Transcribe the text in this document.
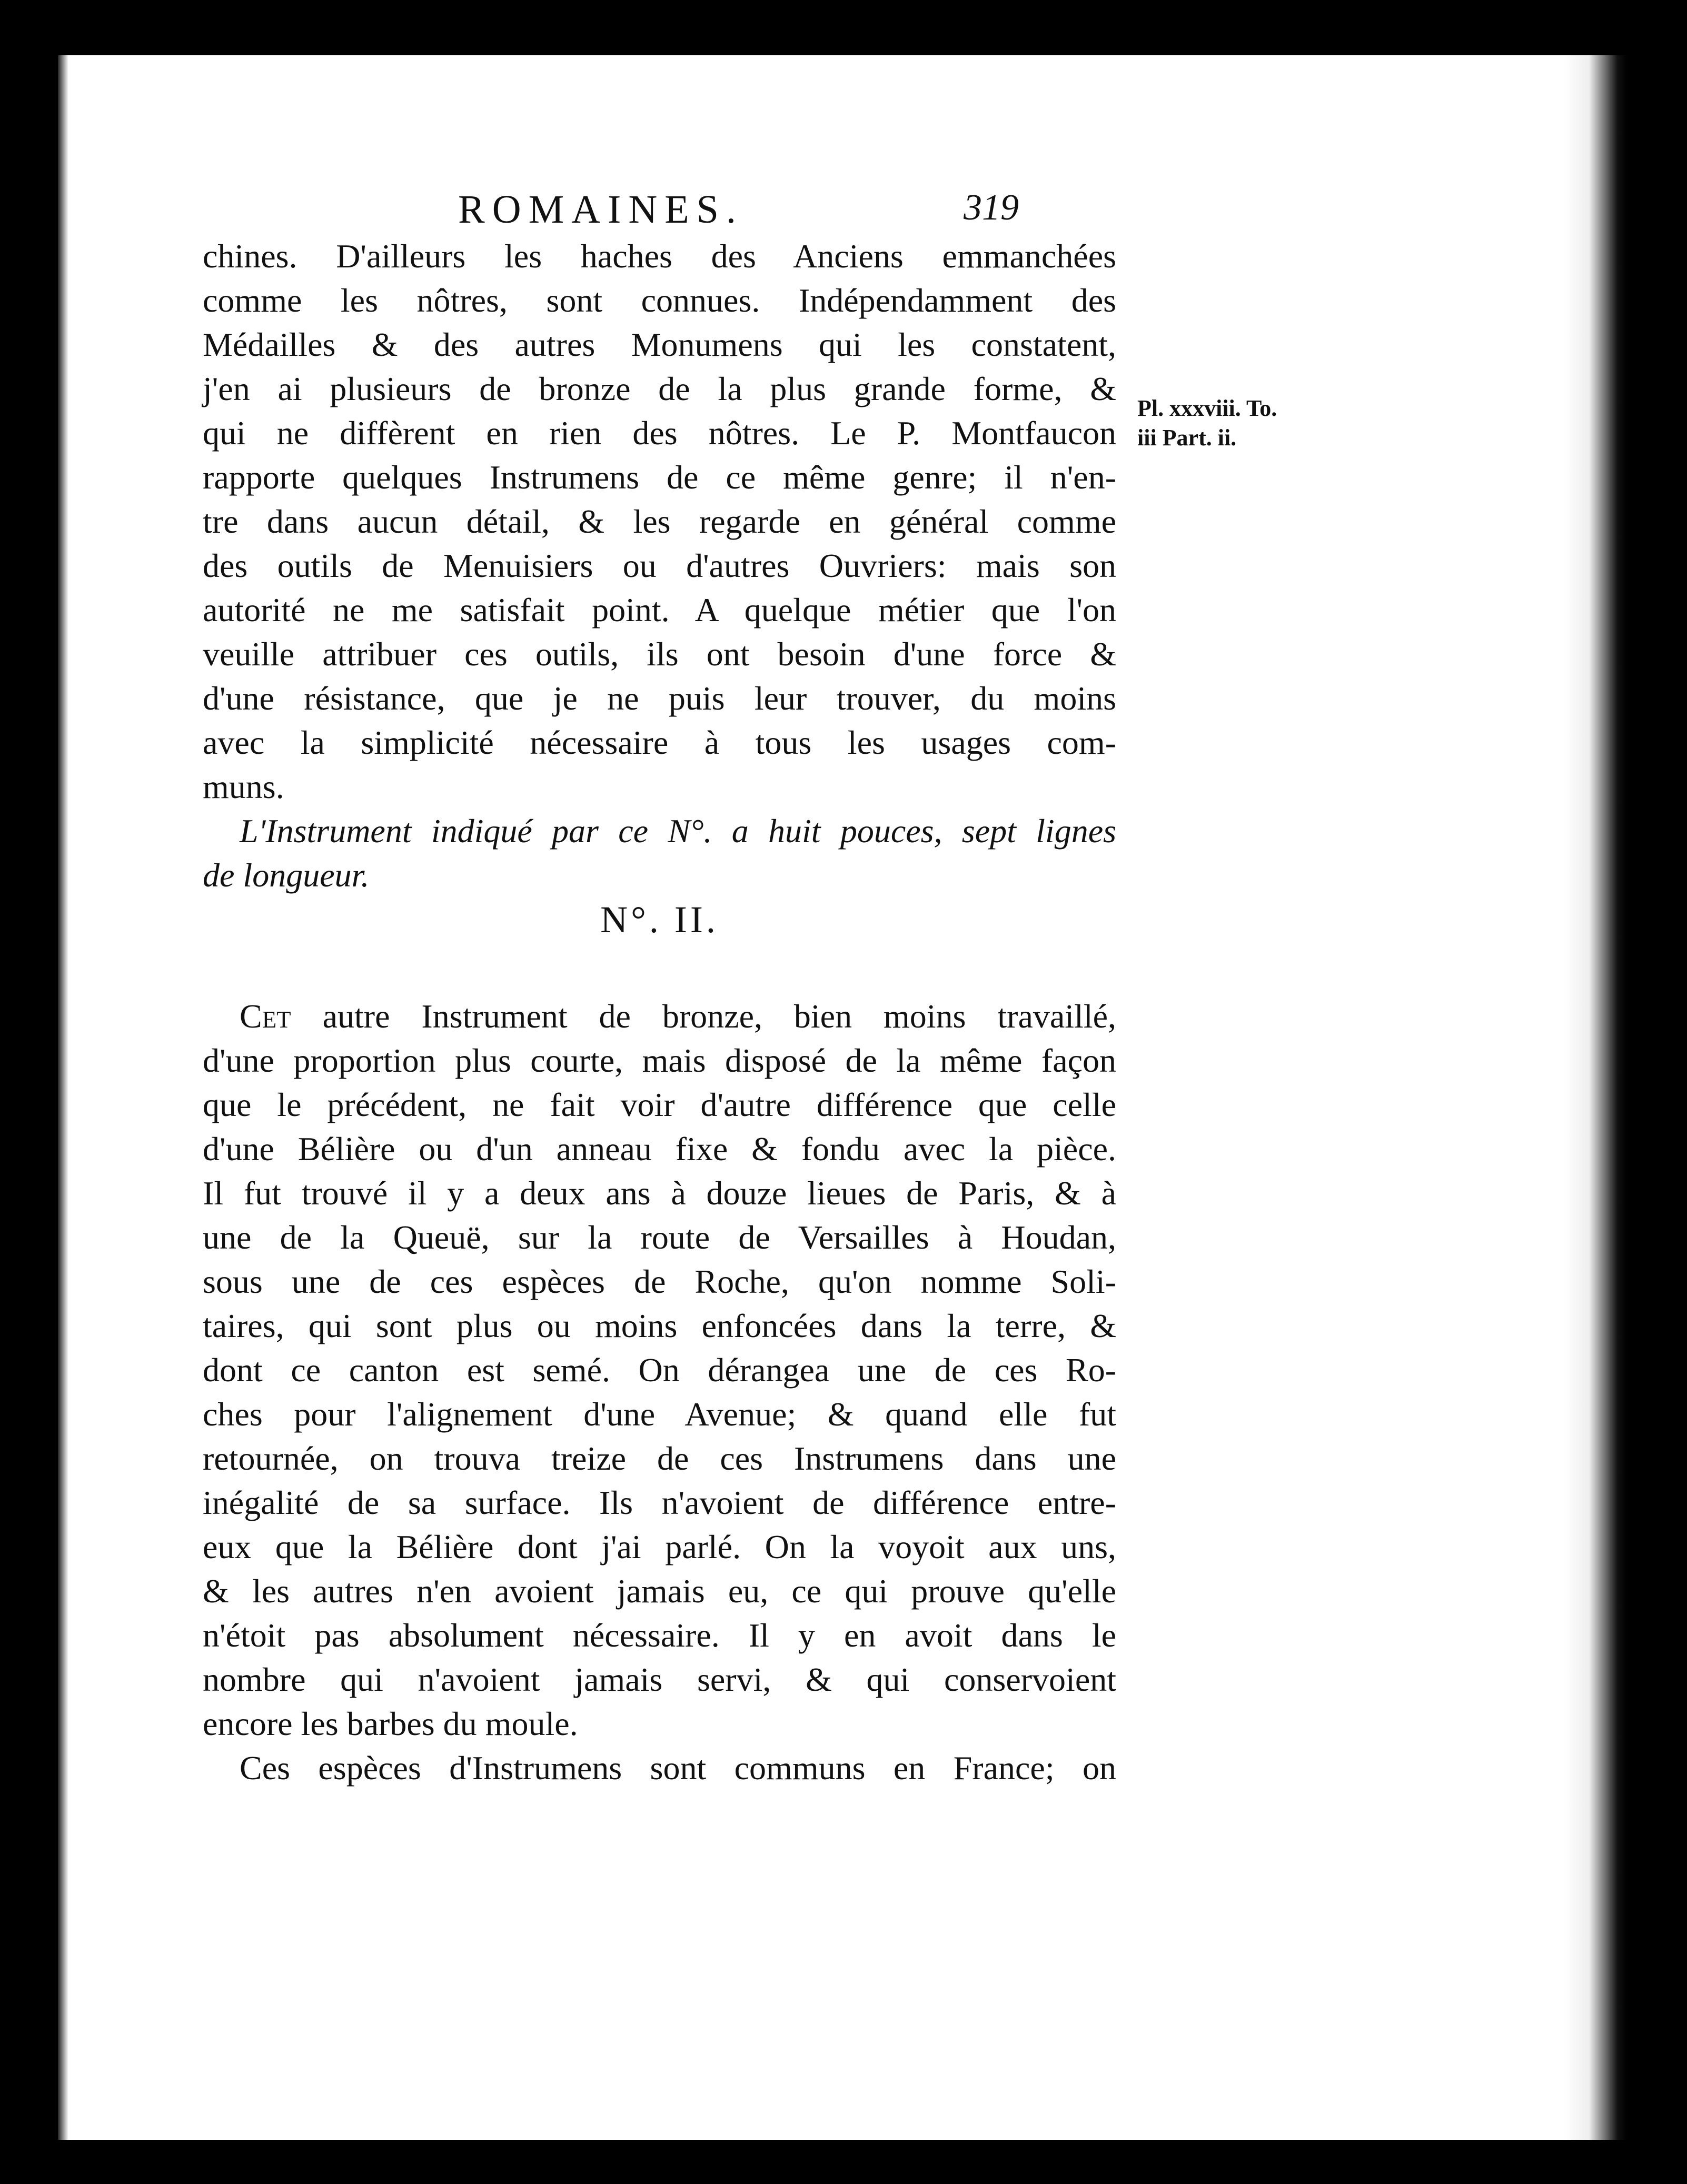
ROMAINES.	319
Pl. xxxviii. To.
iii Part. ii.
chines. D'ailleurs les haches des Anciens emmanchées
comme les nôtres, sont connues. Indépendamment des
Médailles & des autres Monumens qui les constatent,
j'en ai plusieurs de bronze de la plus grande forme, &
qui ne diffèrent en rien des nôtres. Le P. Montfaucon
rapporte quelques Instrumens de ce même genre; il n'en-
tre dans aucun détail, & les regarde en général comme
des outils de Menuisiers ou d'autres Ouvriers: mais son
autorité ne me satisfait point. A quelque métier que l'on
veuille attribuer ces outils, ils ont besoin d'une force &
d'une résistance, que je ne puis leur trouver, du moins
avec la simplicité nécessaire à tous les usages com-
muns.
L'Instrument indiqué par ce N°. a huit pouces, sept lignes
de longueur.
N°. II.
Cet autre Instrument de bronze, bien moins travaillé,
d'une proportion plus courte, mais disposé de la même façon
que le précédent, ne fait voir d'autre différence que celle
d'une Bélière ou d'un anneau fixe & fondu avec la pièce.
Il fut trouvé il y a deux ans à douze lieues de Paris, & à
une de la Queuë, sur la route de Versailles à Houdan,
sous une de ces espèces de Roche, qu'on nomme Soli-
taires, qui sont plus ou moins enfoncées dans la terre, &
dont ce canton est semé. On dérangea une de ces Ro-
ches pour l'alignement d'une Avenue; & quand elle fut
retournée, on trouva treize de ces Instrumens dans une
inégalité de sa surface. Ils n'avoient de différence entre-
eux que la Bélière dont j'ai parlé. On la voyoit aux uns,
& les autres n'en avoient jamais eu, ce qui prouve qu'elle
n'étoit pas absolument nécessaire. Il y en avoit dans le
nombre qui n'avoient jamais servi, & qui conservoient
encore les barbes du moule.
Ces espèces d'Instrumens sont communs en France; on
